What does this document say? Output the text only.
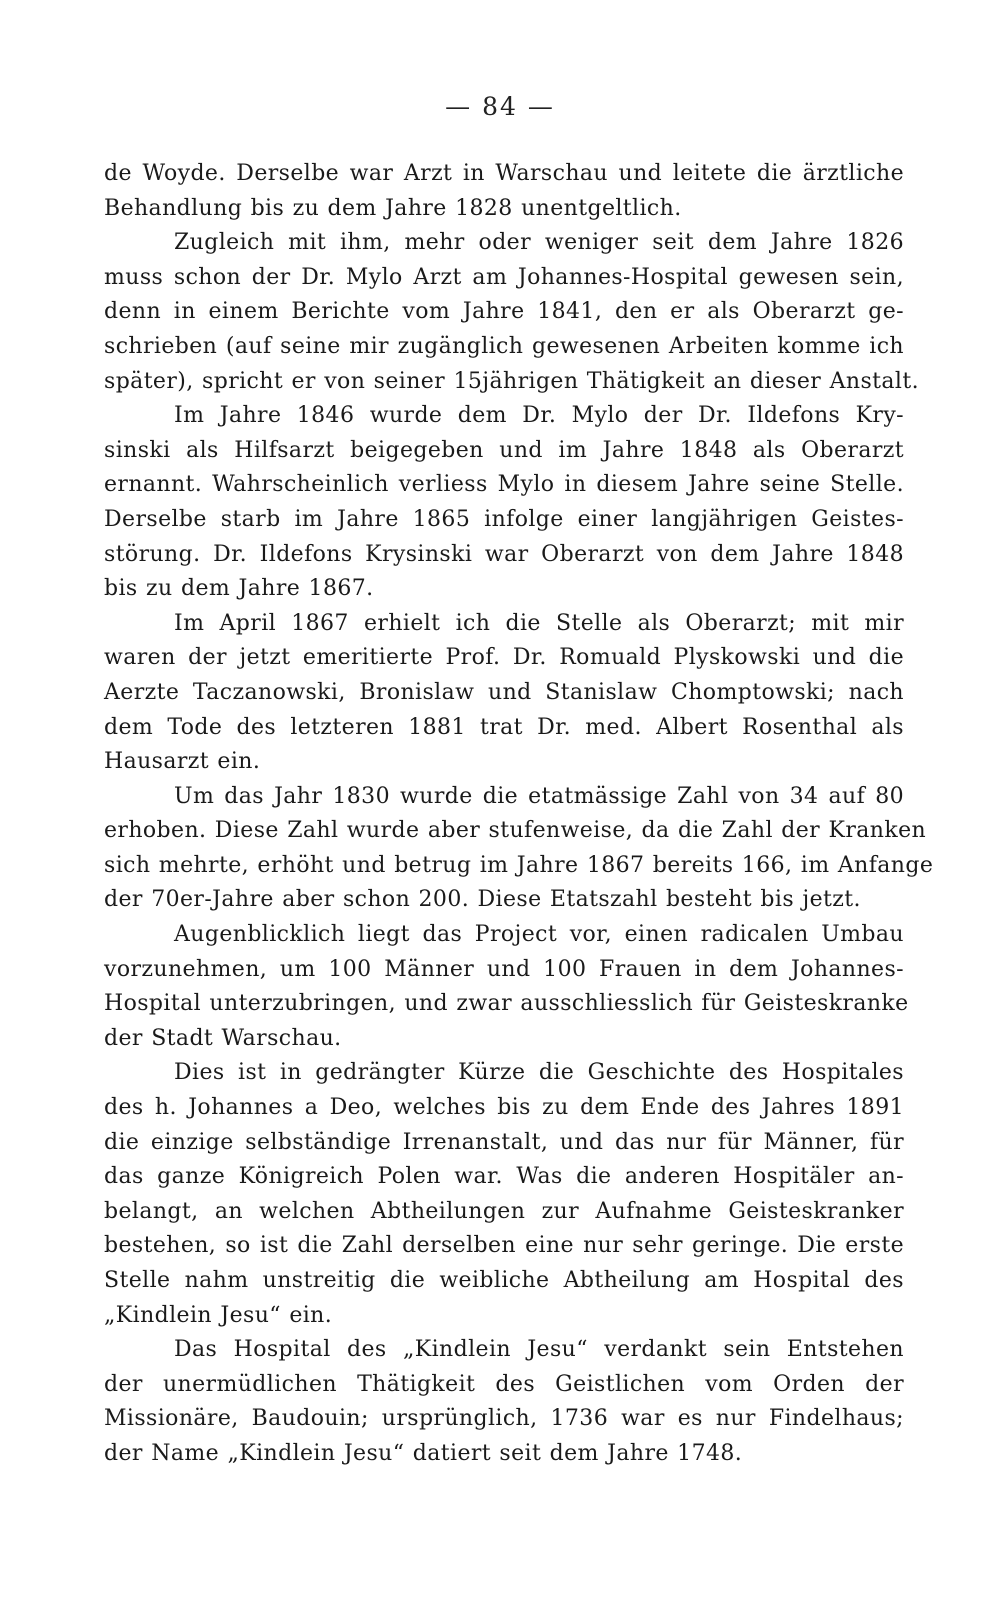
— 84 —
de Woyde. Derselbe war Arzt in Warschau und leitete die ärztliche
Behandlung bis zu dem Jahre 1828 unentgeltlich.
Zugleich mit ihm, mehr oder weniger seit dem Jahre 1826
muss schon der Dr. Mylo Arzt am Johannes-Hospital gewesen sein,
denn in einem Berichte vom Jahre 1841, den er als Oberarzt ge-
schrieben (auf seine mir zugänglich gewesenen Arbeiten komme ich
später), spricht er von seiner 15jährigen Thätigkeit an dieser Anstalt.
Im Jahre 1846 wurde dem Dr. Mylo der Dr. Ildefons Kry-
sinski als Hilfsarzt beigegeben und im Jahre 1848 als Oberarzt
ernannt. Wahrscheinlich verliess Mylo in diesem Jahre seine Stelle.
Derselbe starb im Jahre 1865 infolge einer langjährigen Geistes-
störung. Dr. Ildefons Krysinski war Oberarzt von dem Jahre 1848
bis zu dem Jahre 1867.
Im April 1867 erhielt ich die Stelle als Oberarzt; mit mir
waren der jetzt emeritierte Prof. Dr. Romuald Plyskowski und die
Aerzte Taczanowski, Bronislaw und Stanislaw Chomptowski; nach
dem Tode des letzteren 1881 trat Dr. med. Albert Rosenthal als
Hausarzt ein.
Um das Jahr 1830 wurde die etatmässige Zahl von 34 auf 80
erhoben. Diese Zahl wurde aber stufenweise, da die Zahl der Kranken
sich mehrte, erhöht und betrug im Jahre 1867 bereits 166, im Anfange
der 70er-Jahre aber schon 200. Diese Etatszahl besteht bis jetzt.
Augenblicklich liegt das Project vor, einen radicalen Umbau
vorzunehmen, um 100 Männer und 100 Frauen in dem Johannes-
Hospital unterzubringen, und zwar ausschliesslich für Geisteskranke
der Stadt Warschau.
Dies ist in gedrängter Kürze die Geschichte des Hospitales
des h. Johannes a Deo, welches bis zu dem Ende des Jahres 1891
die einzige selbständige Irrenanstalt, und das nur für Männer, für
das ganze Königreich Polen war. Was die anderen Hospitäler an-
belangt, an welchen Abtheilungen zur Aufnahme Geisteskranker
bestehen, so ist die Zahl derselben eine nur sehr geringe. Die erste
Stelle nahm unstreitig die weibliche Abtheilung am Hospital des
„Kindlein Jesu“ ein.
Das Hospital des „Kindlein Jesu“ verdankt sein Entstehen
der unermüdlichen Thätigkeit des Geistlichen vom Orden der
Missionäre, Baudouin; ursprünglich, 1736 war es nur Findelhaus;
der Name „Kindlein Jesu“ datiert seit dem Jahre 1748.
